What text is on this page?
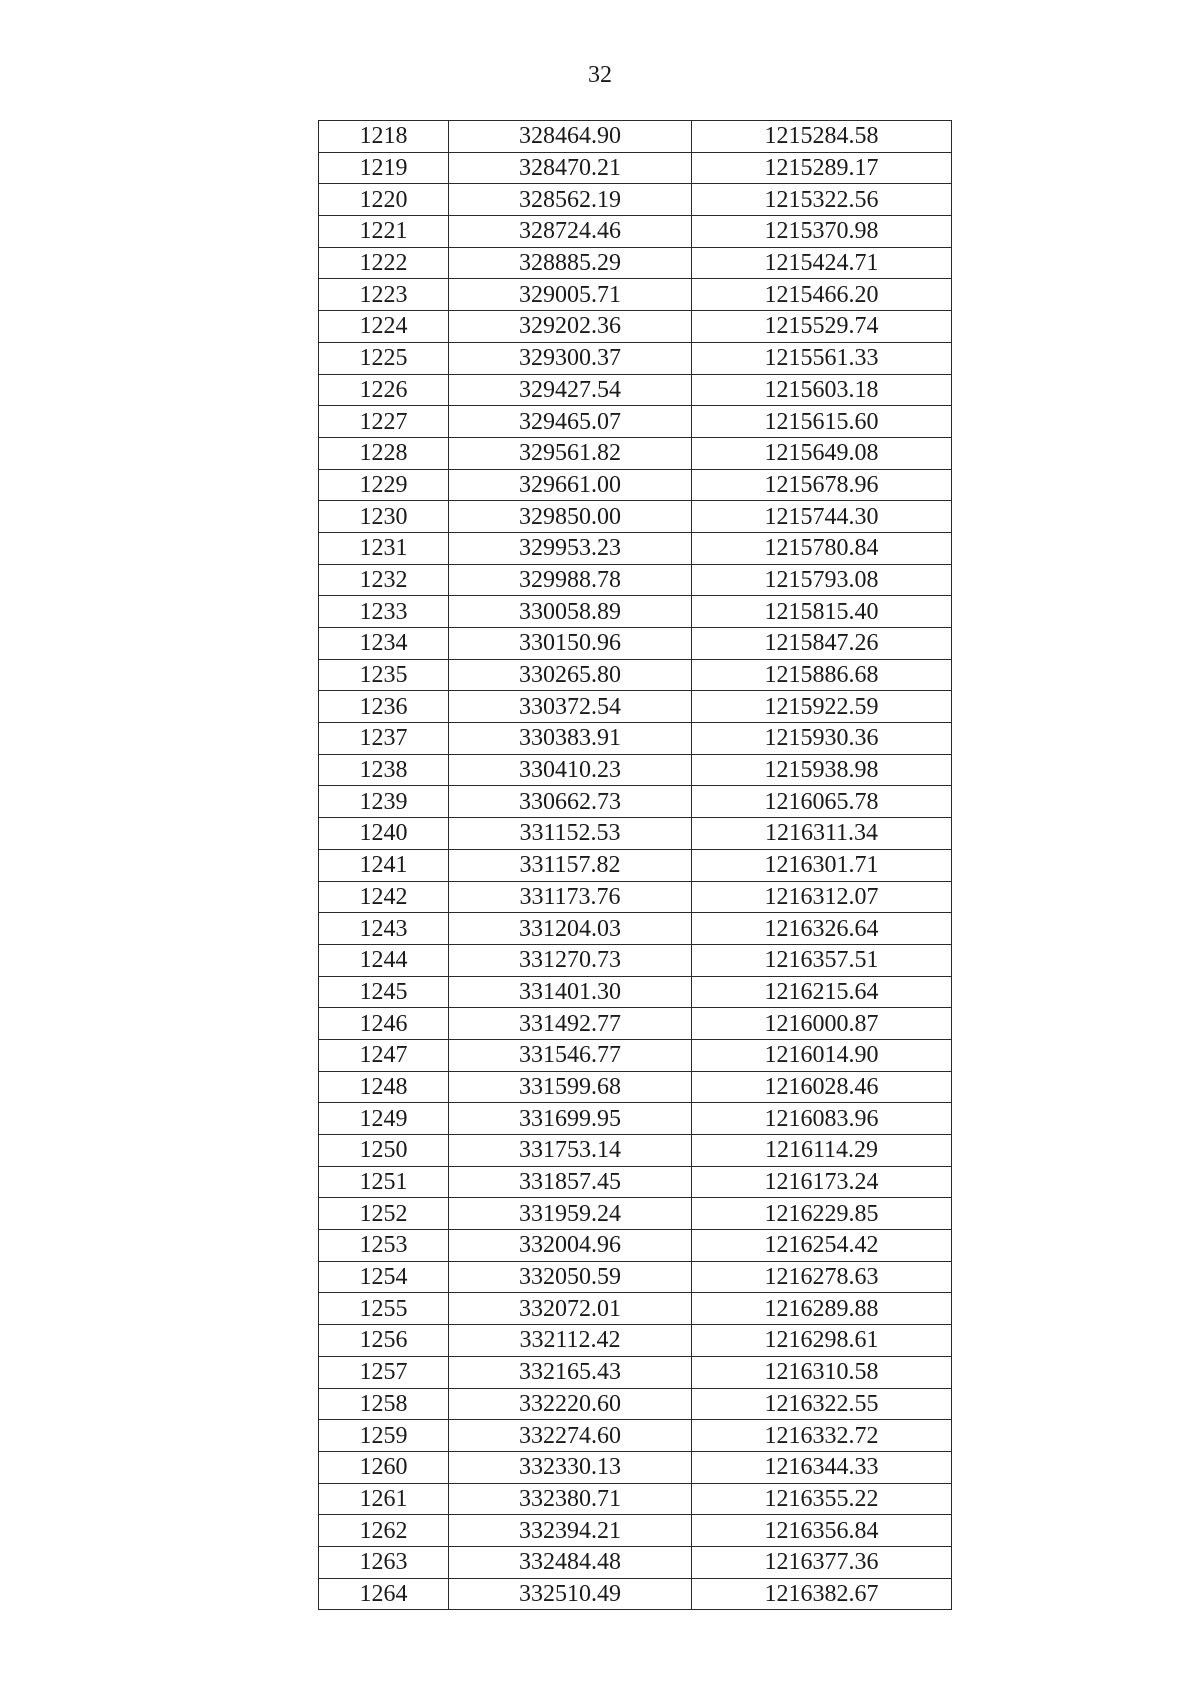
32
1218	328464.90	1215284.58
1219	328470.21	1215289.17
1220	328562.19	1215322.56
1221	328724.46	1215370.98
1222	328885.29	1215424.71
1223	329005.71	1215466.20
1224	329202.36	1215529.74
1225	329300.37	1215561.33
1226	329427.54	1215603.18
1227	329465.07	1215615.60
1228	329561.82	1215649.08
1229	329661.00	1215678.96
1230	329850.00	1215744.30
1231	329953.23	1215780.84
1232	329988.78	1215793.08
1233	330058.89	1215815.40
1234	330150.96	1215847.26
1235	330265.80	1215886.68
1236	330372.54	1215922.59
1237	330383.91	1215930.36
1238	330410.23	1215938.98
1239	330662.73	1216065.78
1240	331152.53	1216311.34
1241	331157.82	1216301.71
1242	331173.76	1216312.07
1243	331204.03	1216326.64
1244	331270.73	1216357.51
1245	331401.30	1216215.64
1246	331492.77	1216000.87
1247	331546.77	1216014.90
1248	331599.68	1216028.46
1249	331699.95	1216083.96
1250	331753.14	1216114.29
1251	331857.45	1216173.24
1252	331959.24	1216229.85
1253	332004.96	1216254.42
1254	332050.59	1216278.63
1255	332072.01	1216289.88
1256	332112.42	1216298.61
1257	332165.43	1216310.58
1258	332220.60	1216322.55
1259	332274.60	1216332.72
1260	332330.13	1216344.33
1261	332380.71	1216355.22
1262	332394.21	1216356.84
1263	332484.48	1216377.36
1264	332510.49	1216382.67
